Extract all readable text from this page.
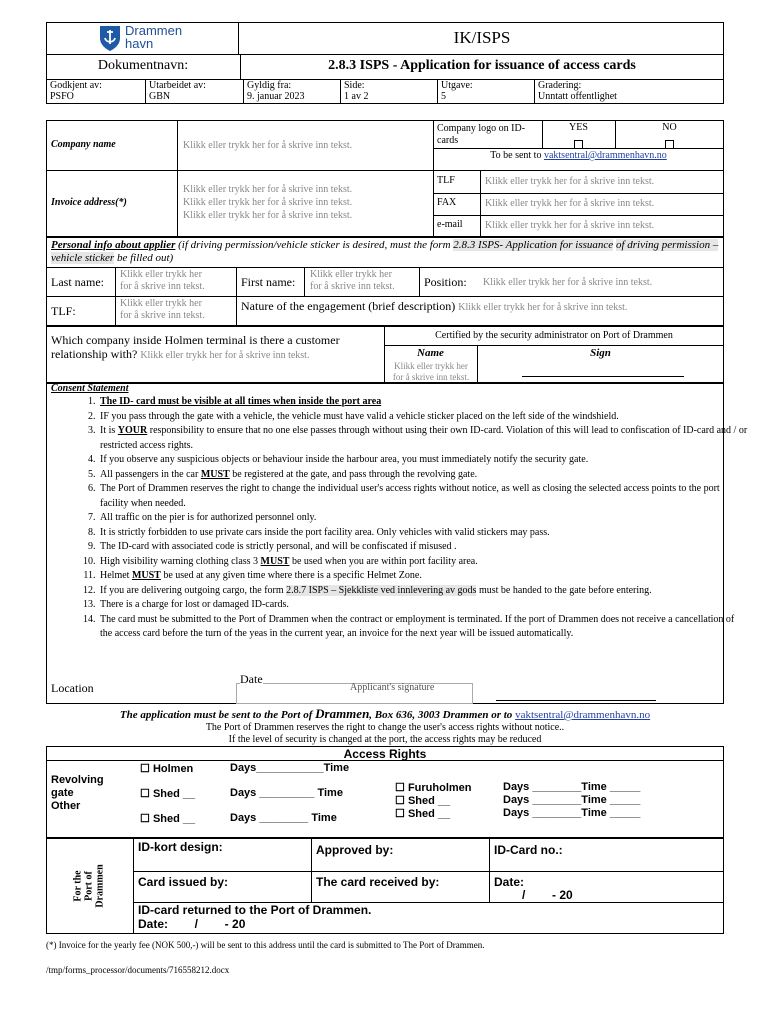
Drammen
havn	IK/ISPS
Dokumentnavn:	2.8.3 ISPS - Application for issuance of access cards
Godkjent av:
PSFO
Utarbeidet av:
GBN
Gyldig fra:
9. januar 2023
Side:
1 av 2
Utgave:
5
Gradering:
Unntatt offentlighet
Company name	Klikk eller trykk her for å skrive inn tekst.
Company logo on ID-cards
YES	NO
To be sent to vaktsentral@drammenhavn.no
Invoice address(*)
Klikk eller trykk her for å skrive inn tekst.
Klikk eller trykk her for å skrive inn tekst.
Klikk eller trykk her for å skrive inn tekst.
TLF	Klikk eller trykk her for å skrive inn tekst.
FAX	Klikk eller trykk her for å skrive inn tekst.
e-mail Klikk eller trykk her for å skrive inn tekst.
Personal info about applier (if driving permission/vehicle sticker is desired, must the form 2.8.3 ISPS- Application for issuance of driving permission – vehicle sticker be filled out)
Last name:
Klikk eller trykk her
for å skrive inn tekst.	First name:
Klikk eller trykk her
for å skrive inn tekst.	Position: Klikk eller trykk her for å skrive inn tekst.
TLF:
Klikk eller trykk her
for å skrive inn tekst.
Nature of the engagement (brief description) Klikk eller trykk her for å skrive inn tekst.
Which company inside Holmen terminal is there a customer
relationship with? Klikk eller trykk her for å skrive inn tekst.
Certified by the security administrator on Port of Drammen
Name
Klikk eller trykk her
for å skrive inn tekst.
Sign
Consent Statement
1. The ID- card must be visible at all times when inside the port area
2. IF you pass through the gate with a vehicle, the vehicle must have valid a vehicle sticker placed on the left side of the windshield.
3. It is YOUR responsibility to ensure that no one else passes through without using their own ID-card. Violation of this will lead to confiscation of ID-card and / or restricted access rights.
4. If you observe any suspicious objects or behaviour inside the harbour area, you must immediately notify the security gate.
5. All passengers in the car MUST be registered at the gate, and pass through the revolving gate.
6. The Port of Drammen reserves the right to change the individual user's access rights without notice, as well as closing the selected access points to the port facility when needed.
7. All traffic on the pier is for authorized personnel only.
8. It is strictly forbidden to use private cars inside the port facility area. Only vehicles with valid stickers may pass.
9. The ID-card with associated code is strictly personal, and will be confiscated if misused .
10. High visibility warning clothing class 3 MUST be used when you are within port facility area.
11. Helmet MUST be used at any given time where there is a specific Helmet Zone.
12. If you are delivering outgoing cargo, the form 2.8.7 ISPS – Sjekkliste ved innlevering av gods must be handed to the gate before entering.
13. There is a charge for lost or damaged ID-cards.
14. The card must be submitted to the Port of Drammen when the contract or employment is terminated. If the port of Drammen does not receive a cancellation of the access card before the turn of the yeas in the current year, an invoice for the next year will be issued automatically.
Location
Date
Applicant's signature
The application must be sent to the Port of Drammen, Box 636, 3003 Drammen or to vaktsentral@drammenhavn.no
The Port of Drammen reserves the right to change the user's access rights without notice..
If the level of security is changed at the port, the access rights may be reduced
Access Rights
Revolving
gate
Other
☐ Holmen	Days___________Time
☐ Shed __	Days _________ Time
☐ Shed __	Days ________ Time
☐ Furuholmen	Days ________Time _____
☐ Shed __	Days ________Time _____
☐ Shed __	Days ________Time _____
For the Port of Drammen
ID-kort design:	Approved by:	ID-Card no.:
Card issued by:	The card received by:	Date:
/        - 20
ID-card returned to the Port of Drammen.
Date:        /        - 20
(*) Invoice for the yearly fee (NOK 500,-) will be sent to this address until the card is submitted to The Port of Drammen.
/tmp/forms_processor/documents/716558212.docx
